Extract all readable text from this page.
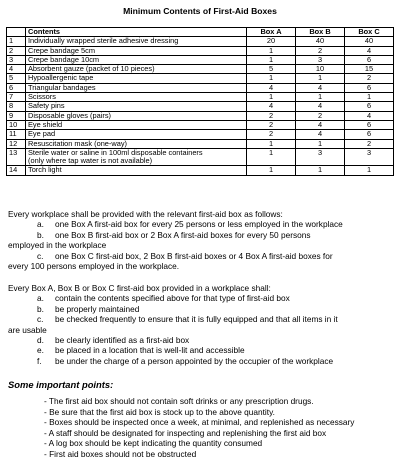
Minimum Contents of First-Aid Boxes
	Contents	Box A	Box B	Box C
1	Individually wrapped sterile adhesive dressing	20	40	40
2	Crepe bandage 5cm	1	2	4
3	Crepe bandage 10cm	1	3	6
4	Absorbent gauze (packet of 10 pieces)	5	10	15
5	Hypoallergenic tape	1	1	2
6	Triangular bandages	4	4	6
7	Scissors	1	1	1
8	Safety pins	4	4	6
9	Disposable gloves (pairs)	2	2	4
10	Eye shield	2	4	6
11	Eye pad	2	4	6
12	Resuscitation mask (one-way)	1	1	2
13	Sterile water or saline in 100ml disposable containers
(only where tap water is not available)	1	3	3
14	Torch light	1	1	1

Every workplace shall be provided with the relevant first-aid box as follows:

a. one Box A first-aid box for every 25 persons or less employed in the workplace
b. one Box B first-aid box or 2 Box A first-aid boxes for every 50 persons
employed in the workplace
c. one Box C first-aid box, 2 Box B first-aid boxes or 4 Box A first-aid boxes for
every 100 persons employed in the workplace.

Every Box A, Box B or Box C first-aid box provided in a workplace shall:

a. contain the contents specified above for that type of first-aid box
b. be properly maintained
c. be checked frequently to ensure that it is fully equipped and that all items in it
are usable
d. be clearly identified as a first-aid box
e. be placed in a location that is well-lit and accessible
f. be under the charge of a person appointed by the occupier of the workplace
Some important points:
- The first aid box should not contain soft drinks or any prescription drugs.
- Be sure that the first aid box is stock up to the above quantity.
- Boxes should be inspected once a week, at minimal, and replenished as necessary
- A staff should be designated for inspecting and replenishing the first aid box
- A log box should be kept indicating the quantity consumed
- First aid boxes should not be obstructed
